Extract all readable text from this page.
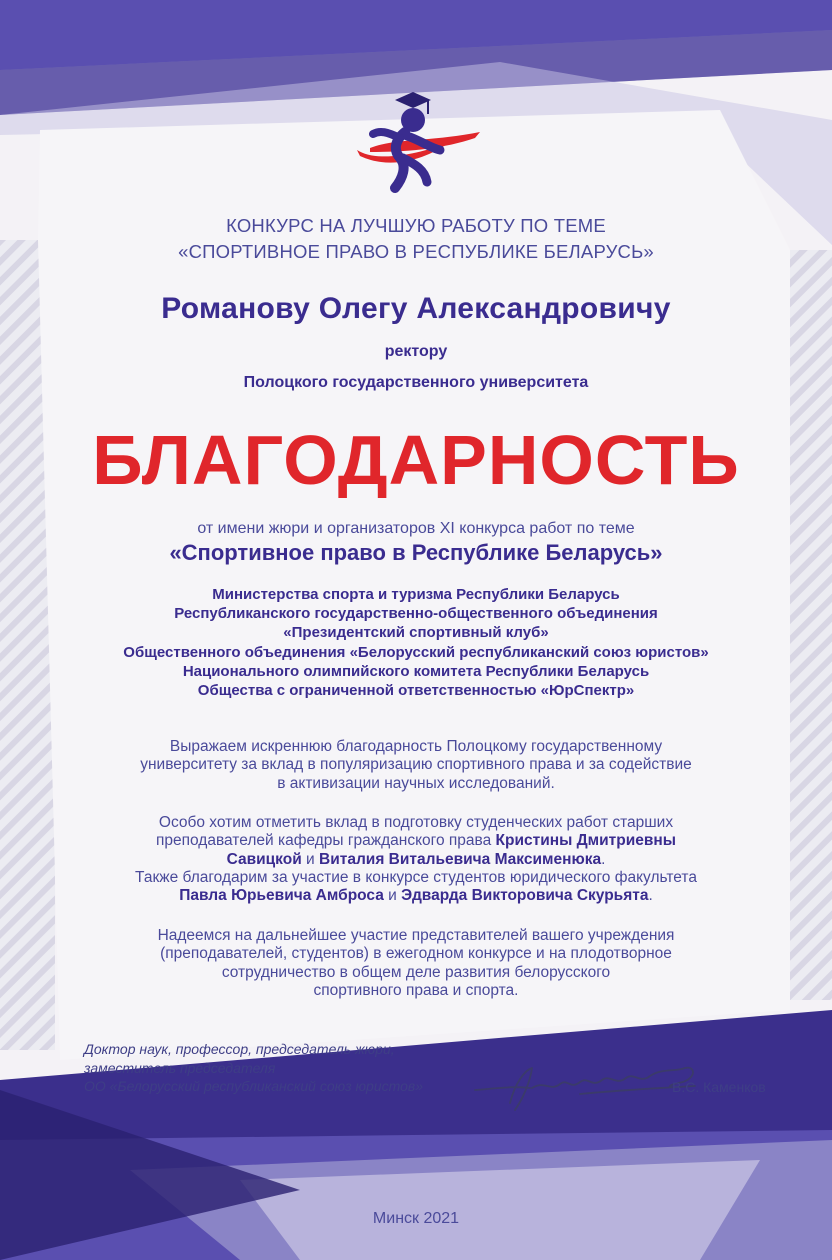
КОНКУРС НА ЛУЧШУЮ РАБОТУ ПО ТЕМЕ
«СПОРТИВНОЕ ПРАВО В РЕСПУБЛИКЕ БЕЛАРУСЬ»
Романову Олегу Александровичу
ректору
Полоцкого государственного университета
БЛАГОДАРНОСТЬ
от имени жюри и организаторов XI конкурса работ по теме
«Спортивное право в Республике Беларусь»
Министерства спорта и туризма Республики Беларусь
Республиканского государственно-общественного объединения
«Президентский спортивный клуб»
Общественного объединения «Белорусский республиканский союз юристов»
Национального олимпийского комитета Республики Беларусь
Общества с ограниченной ответственностью «ЮрСпектр»
Выражаем искреннюю благодарность Полоцкому государственному
университету за вклад в популяризацию спортивного права и за содействие
в активизации научных исследований.
Особо хотим отметить вклад в подготовку студенческих работ старших
преподавателей кафедры гражданского права Кристины Дмитриевны
Савицкой и Виталия Витальевича Максименюка.
Также благодарим за участие в конкурсе студентов юридического факультета
Павла Юрьевича Амброса и Эдварда Викторовича Скурьята.
Надеемся на дальнейшее участие представителей вашего учреждения
(преподавателей, студентов) в ежегодном конкурсе и на плодотворное
сотрудничество в общем деле развития белорусского
спортивного права и спорта.
Доктор наук, профессор, председатель жюри,
заместитель председателя
ОО «Белорусский республиканский союз юристов»	В.С. Каменков
Минск 2021
